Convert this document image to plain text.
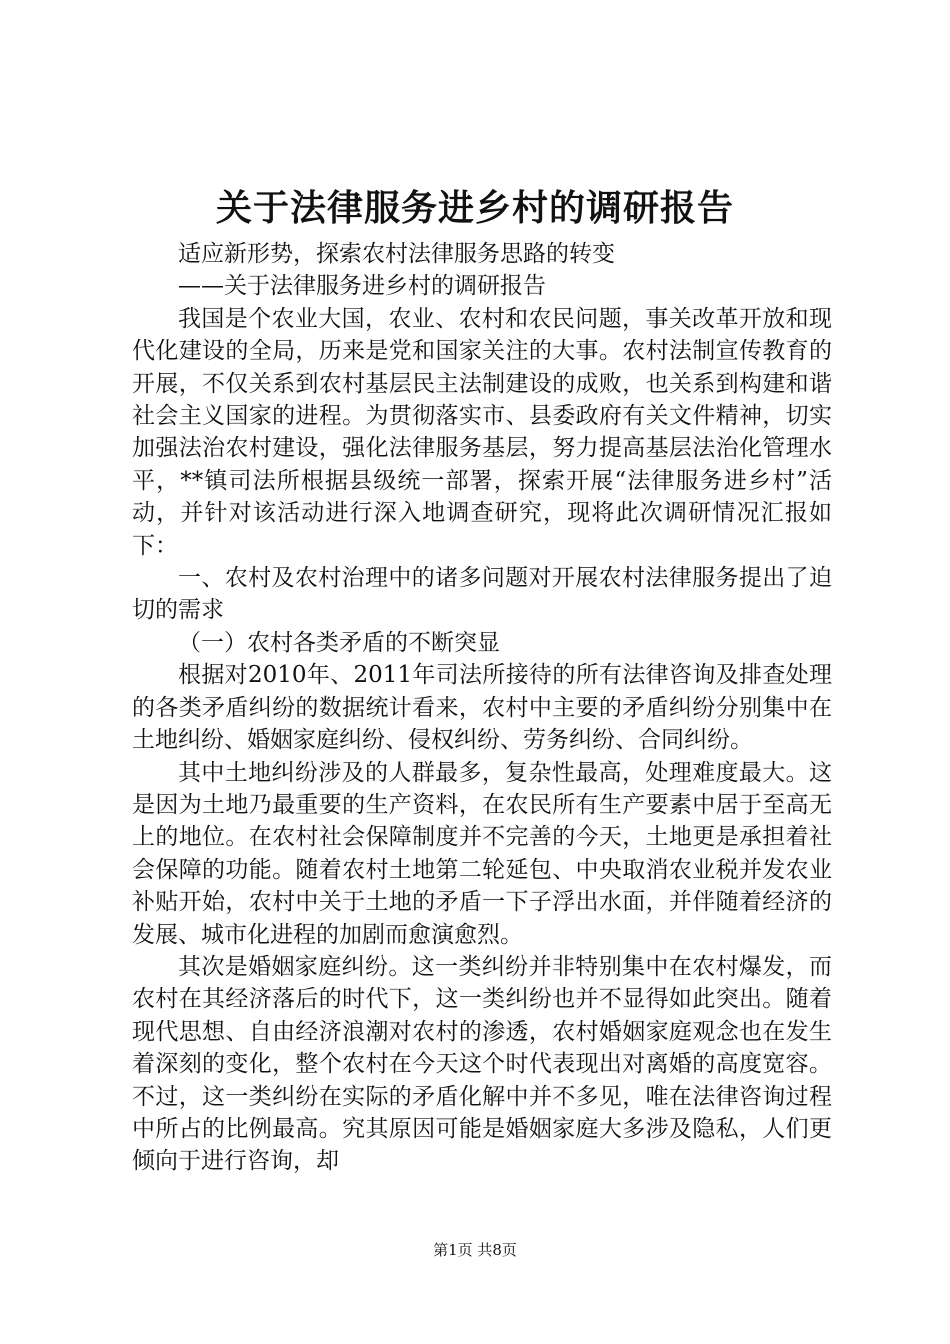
关于法律服务进乡村的调研报告

适应新形势，探索农村法律服务思路的转变

——关于法律服务进乡村的调研报告

我国是个农业大国，农业、农村和农民问题，事关改革开放和现代化建设的全局，历来是党和国家关注的大事。农村法制宣传教育的开展，不仅关系到农村基层民主法制建设的成败，也关系到构建和谐社会主义国家的进程。为贯彻落实市、县委政府有关文件精神，切实加强法治农村建设，强化法律服务基层，努力提高基层法治化管理水平，**镇司法所根据县级统一部署，探索开展“法律服务进乡村”活动，并针对该活动进行深入地调查研究，现将此次调研情况汇报如下：

一、农村及农村治理中的诸多问题对开展农村法律服务提出了迫切的需求

（一）农村各类矛盾的不断突显

根据对2010年、2011年司法所接待的所有法律咨询及排查处理的各类矛盾纠纷的数据统计看来，农村中主要的矛盾纠纷分别集中在土地纠纷、婚姻家庭纠纷、侵权纠纷、劳务纠纷、合同纠纷。

其中土地纠纷涉及的人群最多，复杂性最高，处理难度最大。这是因为土地乃最重要的生产资料，在农民所有生产要素中居于至高无上的地位。在农村社会保障制度并不完善的今天，土地更是承担着社会保障的功能。随着农村土地第二轮延包、中央取消农业税并发农业补贴开始，农村中关于土地的矛盾一下子浮出水面，并伴随着经济的发展、城市化进程的加剧而愈演愈烈。

其次是婚姻家庭纠纷。这一类纠纷并非特别集中在农村爆发，而农村在其经济落后的时代下，这一类纠纷也并不显得如此突出。随着现代思想、自由经济浪潮对农村的渗透，农村婚姻家庭观念也在发生着深刻的变化，整个农村在今天这个时代表现出对离婚的高度宽容。不过，这一类纠纷在实际的矛盾化解中并不多见，唯在法律咨询过程中所占的比例最高。究其原因可能是婚姻家庭大多涉及隐私，人们更倾向于进行咨询，却

第1页 共8页
